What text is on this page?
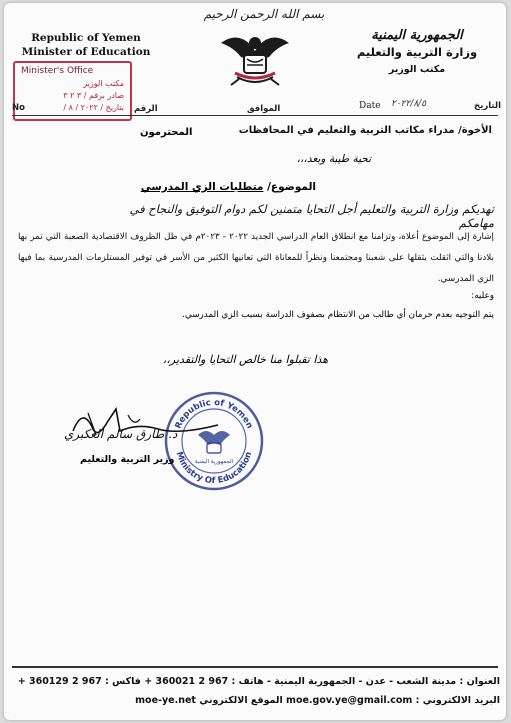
بسم الله الرحمن الرحيم
Republic of Yemen
Minister of Education
الجمهورية اليمنية
وزارة التربية والتعليم
مكتب الوزير
Minister's Office
مكتب الوزير
صادر برقم / ٣ ٢ ٣
بتاريخ / ٢٠٢٢ / ٨ /
No	الرقم	الموافق	Date ٢٠٢٢/٨/٥	التاريخ
الأخوة/ مدراء مكاتب التربية والتعليم في المحافظات
المحترمون
تحية طيبة وبعد،،،
الموضوع/ متطلبات الزي المدرسي
تهديكم وزارة التربية والتعليم أجل التحايا متمنين لكم دوام التوفيق والنجاح في مهامكم
إشارة إلى الموضوع أعلاه، وتزامنا مع انطلاق العام الدراسي الجديد ٢٠٢٢ - ٢٠٢٣م في ظل الظروف الاقتصادية الصعبة التي تمر بها بلادنا والتي اثقلت بثقلها على شعبنا ومجتمعنا ونظراً للمعاناة التي تعانيها الكثير من الأسر في توفير المستلزمات المدرسية بما فيها الزي المدرسي.
وعليه:
يتم التوجيه بعدم حرمان أي طالب من الانتظام بصفوف الدراسة بسبب الزي المدرسي.
هذا تقبلوا منا خالص التحايا والتقدير،،
Republic of Yemen
Ministry Of Education
الجمهورية اليمنية
د. طارق سالم العكبري
وزير التربية والتعليم
العنوان : مدينة الشعب - عدن - الجمهورية اليمنية - هاتف : 967 2 360021 + فاكس : 967 2 360129 +
البريد الالكتروني : moe.gov.ye@gmail.com الموقع الالكتروني moe-ye.net
